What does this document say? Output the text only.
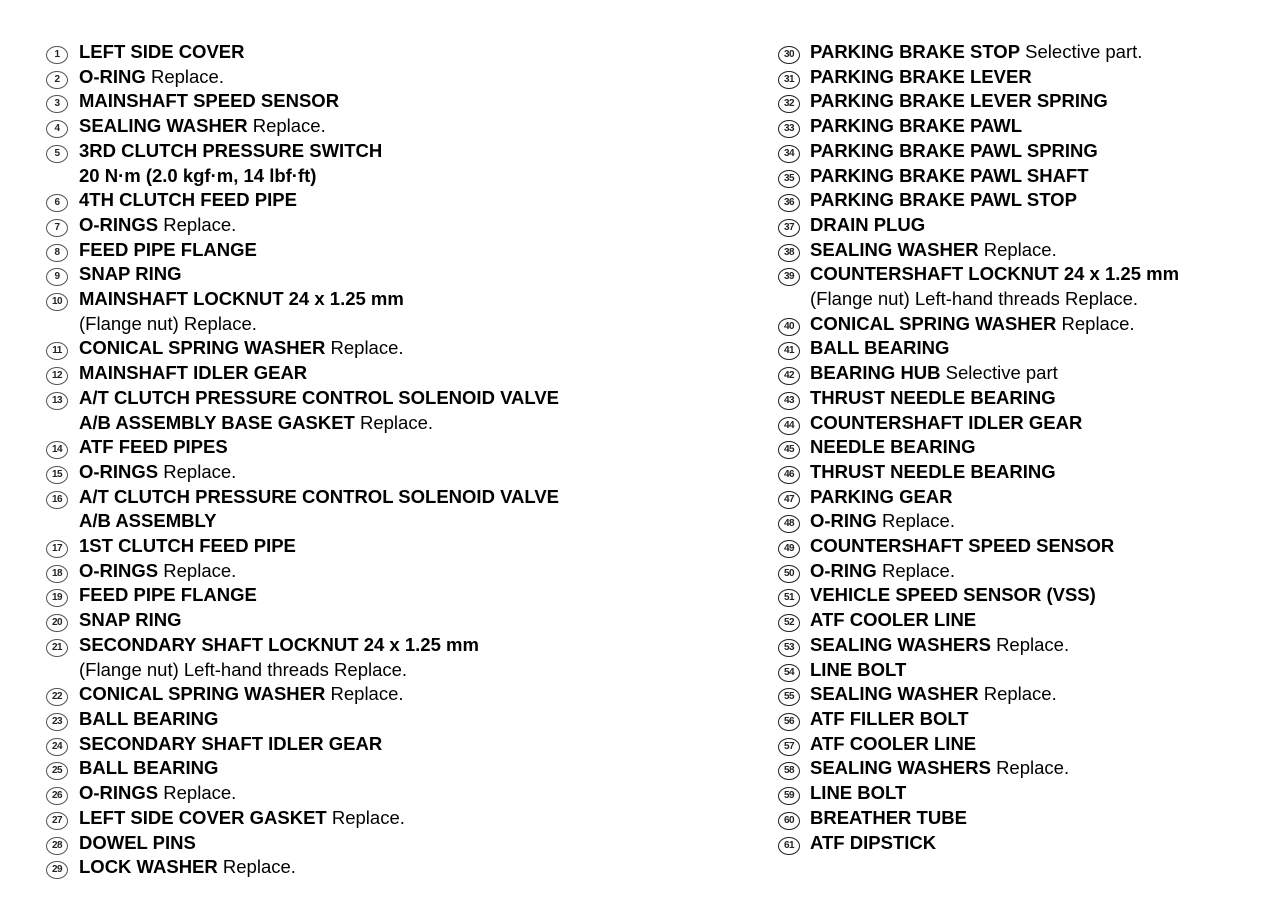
1	LEFT SIDE COVER
2	O-RING Replace.
3	MAINSHAFT SPEED SENSOR
4	SEALING WASHER Replace.
5	3RD CLUTCH PRESSURE SWITCH
20 N·m (2.0 kgf·m, 14 lbf·ft)
6	4TH CLUTCH FEED PIPE
7	O-RINGS Replace.
8	FEED PIPE FLANGE
9	SNAP RING
10 MAINSHAFT LOCKNUT 24 x 1.25 mm
(Flange nut) Replace.
11 CONICAL SPRING WASHER Replace.
12 MAINSHAFT IDLER GEAR
13 A/T CLUTCH PRESSURE CONTROL SOLENOID VALVE
A/B ASSEMBLY BASE GASKET Replace.
14 ATF FEED PIPES
15 O-RINGS Replace.
16 A/T CLUTCH PRESSURE CONTROL SOLENOID VALVE
A/B ASSEMBLY
17 1ST CLUTCH FEED PIPE
18 O-RINGS Replace.
19 FEED PIPE FLANGE
20 SNAP RING
21 SECONDARY SHAFT LOCKNUT 24 x 1.25 mm
(Flange nut) Left-hand threads Replace.
22 CONICAL SPRING WASHER Replace.
23 BALL BEARING
24 SECONDARY SHAFT IDLER GEAR
25 BALL BEARING
26 O-RINGS Replace.
27 LEFT SIDE COVER GASKET Replace.
28 DOWEL PINS
29 LOCK WASHER Replace.
30 PARKING BRAKE STOP Selective part.
31 PARKING BRAKE LEVER
32 PARKING BRAKE LEVER SPRING
33 PARKING BRAKE PAWL
34 PARKING BRAKE PAWL SPRING
35 PARKING BRAKE PAWL SHAFT
36 PARKING BRAKE PAWL STOP
37 DRAIN PLUG
38 SEALING WASHER Replace.
39 COUNTERSHAFT LOCKNUT 24 x 1.25 mm
(Flange nut) Left-hand threads Replace.
40 CONICAL SPRING WASHER Replace.
41 BALL BEARING
42 BEARING HUB Selective part
43 THRUST NEEDLE BEARING
44 COUNTERSHAFT IDLER GEAR
45 NEEDLE BEARING
46 THRUST NEEDLE BEARING
47 PARKING GEAR
48 O-RING Replace.
49 COUNTERSHAFT SPEED SENSOR
50 O-RING Replace.
51 VEHICLE SPEED SENSOR (VSS)
52 ATF COOLER LINE
53 SEALING WASHERS Replace.
54 LINE BOLT
55 SEALING WASHER Replace.
56 ATF FILLER BOLT
57 ATF COOLER LINE
58 SEALING WASHERS Replace.
59 LINE BOLT
60 BREATHER TUBE
61 ATF DIPSTICK
